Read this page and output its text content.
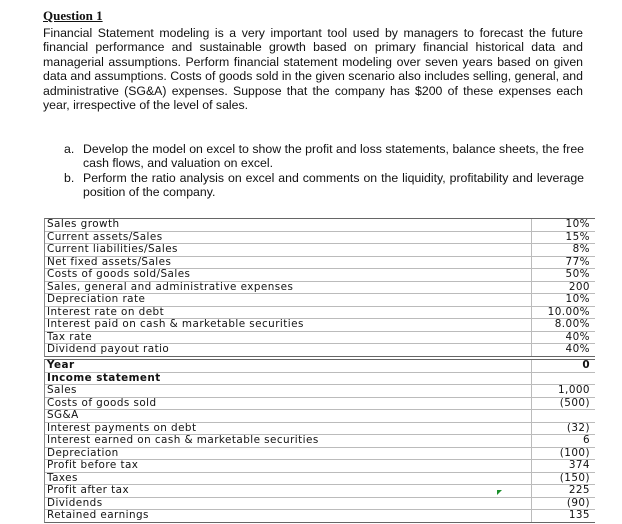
Question 1
Financial Statement modeling is a very important tool used by managers to forecast the future financial performance and sustainable growth based on primary financial historical data and managerial assumptions. Perform financial statement modeling over seven years based on given data and assumptions. Costs of goods sold in the given scenario also includes selling, general, and administrative (SG&A) expenses. Suppose that the company has $200 of these expenses each year, irrespective of the level of sales.
a. Develop the model on excel to show the profit and loss statements, balance sheets, the free cash flows, and valuation on excel.
b. Perform the ratio analysis on excel and comments on the liquidity, profitability and leverage position of the company.
Sales growth	10%
Current assets/Sales	15%
Current liabilities/Sales	8%
Net fixed assets/Sales	77%
Costs of goods sold/Sales	50%
Sales, general and administrative expenses	200
Depreciation rate	10%
Interest rate on debt	10.00%
Interest paid on cash & marketable securities	8.00%
Tax rate	40%
Dividend payout ratio	40%
Year	0
Income statement
Sales	1,000
Costs of goods sold	(500)
SG&A
Interest payments on debt	(32)
Interest earned on cash & marketable securities	6
Depreciation	(100)
Profit before tax	374
Taxes	(150)
Profit after tax	225
Dividends	(90)
Retained earnings	135
